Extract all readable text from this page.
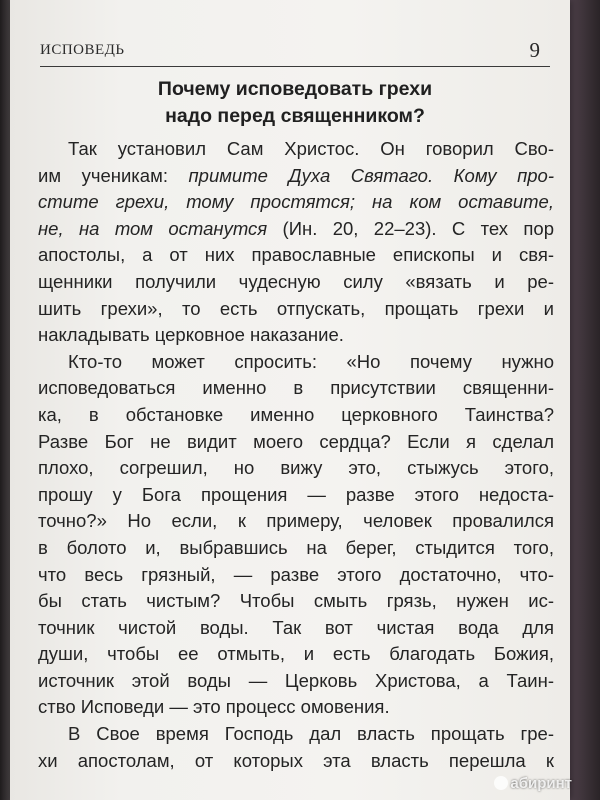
ИСПОВЕДЬ	9
Почему исповедовать грехи
надо перед священником?
Так установил Сам Христос. Он говорил Сво-
им ученикам: примите Духа Святаго. Кому про-
стите грехи, тому простятся; на ком оставите,
не, на том останутся (Ин. 20, 22–23). С тех пор
апостолы, а от них православные епископы и свя-
щенники получили чудесную силу «вязать и ре-
шить грехи», то есть отпускать, прощать грехи и
накладывать церковное наказание.
Кто-то может спросить: «Но почему нужно
исповедоваться именно в присутствии священни-
ка, в обстановке именно церковного Таинства?
Разве Бог не видит моего сердца? Если я сделал
плохо, согрешил, но вижу это, стыжусь этого,
прошу у Бога прощения — разве этого недоста-
точно?» Но если, к примеру, человек провалился
в болото и, выбравшись на берег, стыдится того,
что весь грязный, — разве этого достаточно, что-
бы стать чистым? Чтобы смыть грязь, нужен ис-
точник чистой воды. Так вот чистая вода для
души, чтобы ее отмыть, и есть благодать Божия,
источник этой воды — Церковь Христова, а Таин-
ство Исповеди — это процесс омовения.
В Свое время Господь дал власть прощать гре-
хи апостолам, от которых эта власть перешла к
абиринт
